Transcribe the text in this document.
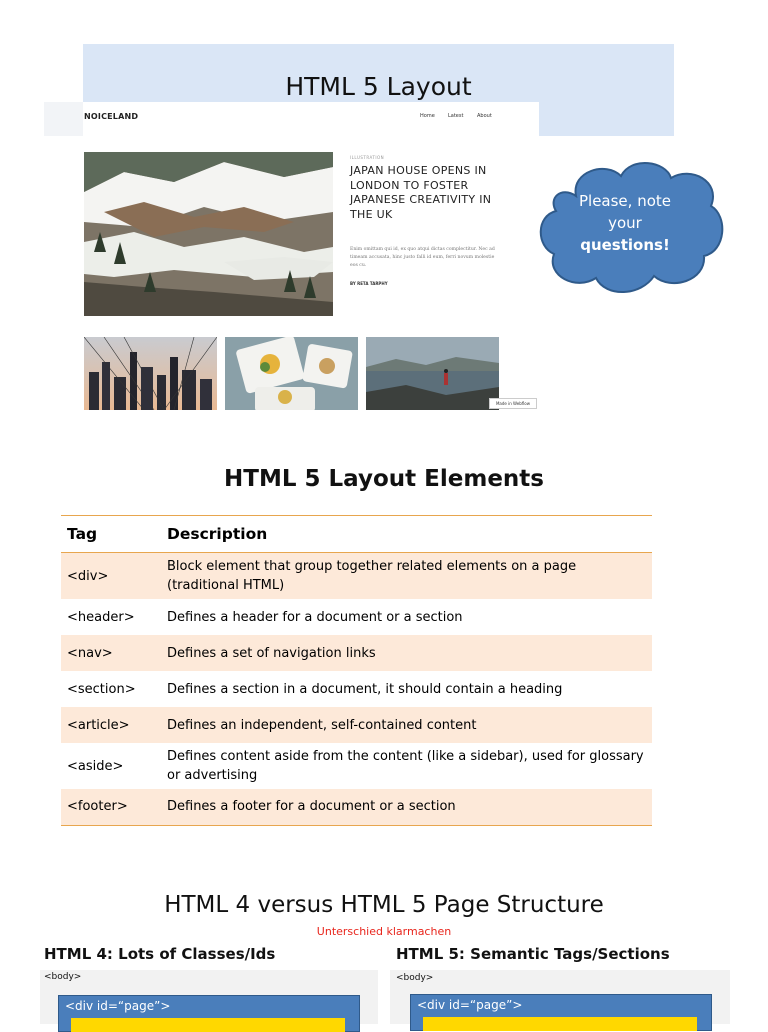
HTML 5 Layout
NOICELAND	Home	Latest	About
ILLUSTRATION
JAPAN HOUSE OPENS IN LONDON TO FOSTER JAPANESE CREATIVITY IN THE UK
Enim omittam qui id, ex quo atqui dictas complectitur. Nec ad timeam accusata, hinc justo falli id eum, ferri novum molestie eos cu.
BY RETA TARPHY
Made in Webflow
Please, note
your
questions!
HTML 5 Layout Elements
Tag	Description
<div>	Block element that group together related elements on a page (traditional HTML)
<header>	Defines a header for a document or a section
<nav>	Defines a set of navigation links
<section>	Defines a section in a document, it should contain a heading
<article>	Defines an independent, self-contained content
<aside>	Defines content aside from the content (like a sidebar), used for glossary or advertising
<footer>	Defines a footer for a document or a section
HTML 4 versus HTML 5 Page Structure
Unterschied klarmachen
HTML 4: Lots of Classes/Ids	HTML 5: Semantic Tags/Sections
<body>
<div id=“page”>
<body>
<div id=“page”>
